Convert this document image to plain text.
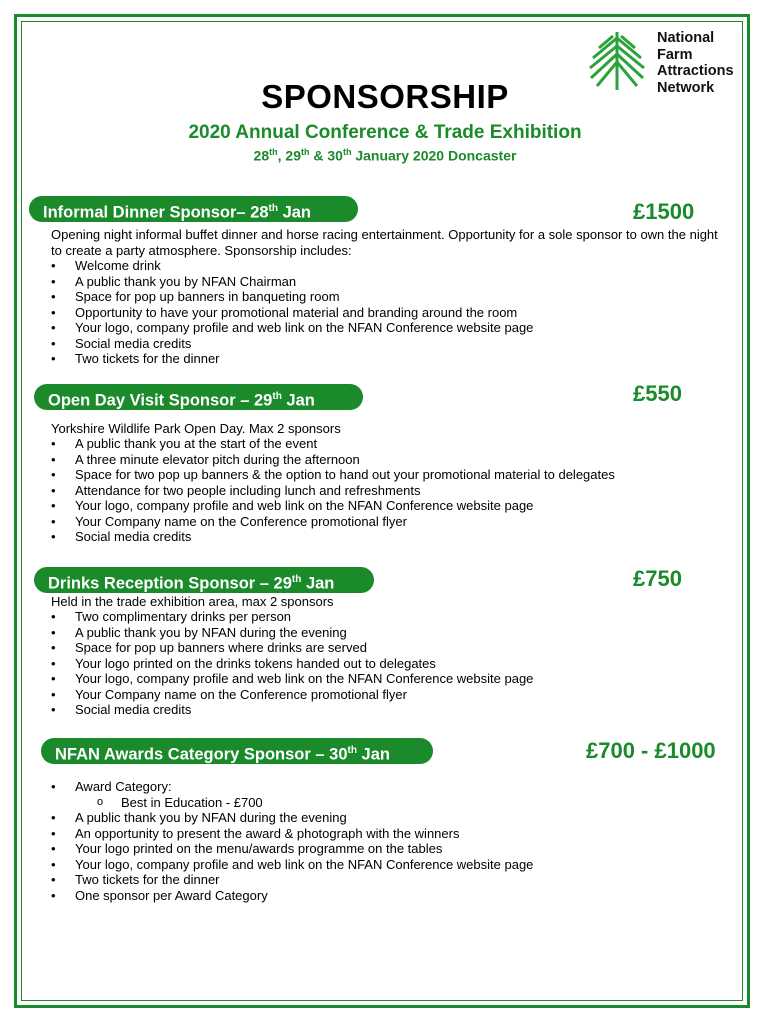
National
Farm
Attractions
Network
SPONSORSHIP
2020 Annual Conference & Trade Exhibition
28th, 29th & 30th January 2020 Doncaster
Informal Dinner Sponsor– 28th Jan	£1500
Opening night informal buffet dinner and horse racing entertainment. Opportunity for a sole sponsor to own the night to create a party atmosphere. Sponsorship includes:
• Welcome drink
• A public thank you by NFAN Chairman
• Space for pop up banners in banqueting room
• Opportunity to have your promotional material and branding around the room
• Your logo, company profile and web link on the NFAN Conference website page
• Social media credits
• Two tickets for the dinner
Open Day Visit Sponsor – 29th Jan	£550
Yorkshire Wildlife Park Open Day. Max 2 sponsors
• A public thank you at the start of the event
• A three minute elevator pitch during the afternoon
• Space for two pop up banners & the option to hand out your promotional material to delegates
• Attendance for two people including lunch and refreshments
• Your logo, company profile and web link on the NFAN Conference website page
• Your Company name on the Conference promotional flyer
• Social media credits
Drinks Reception Sponsor – 29th Jan	£750
Held in the trade exhibition area, max 2 sponsors
• Two complimentary drinks per person
• A public thank you by NFAN during the evening
• Space for pop up banners where drinks are served
• Your logo printed on the drinks tokens handed out to delegates
• Your logo, company profile and web link on the NFAN Conference website page
• Your Company name on the Conference promotional flyer
• Social media credits
NFAN Awards Category Sponsor – 30th Jan	£700 - £1000
• Award Category:
o Best in Education - £700
• A public thank you by NFAN during the evening
• An opportunity to present the award & photograph with the winners
• Your logo printed on the menu/awards programme on the tables
• Your logo, company profile and web link on the NFAN Conference website page
• Two tickets for the dinner
• One sponsor per Award Category
